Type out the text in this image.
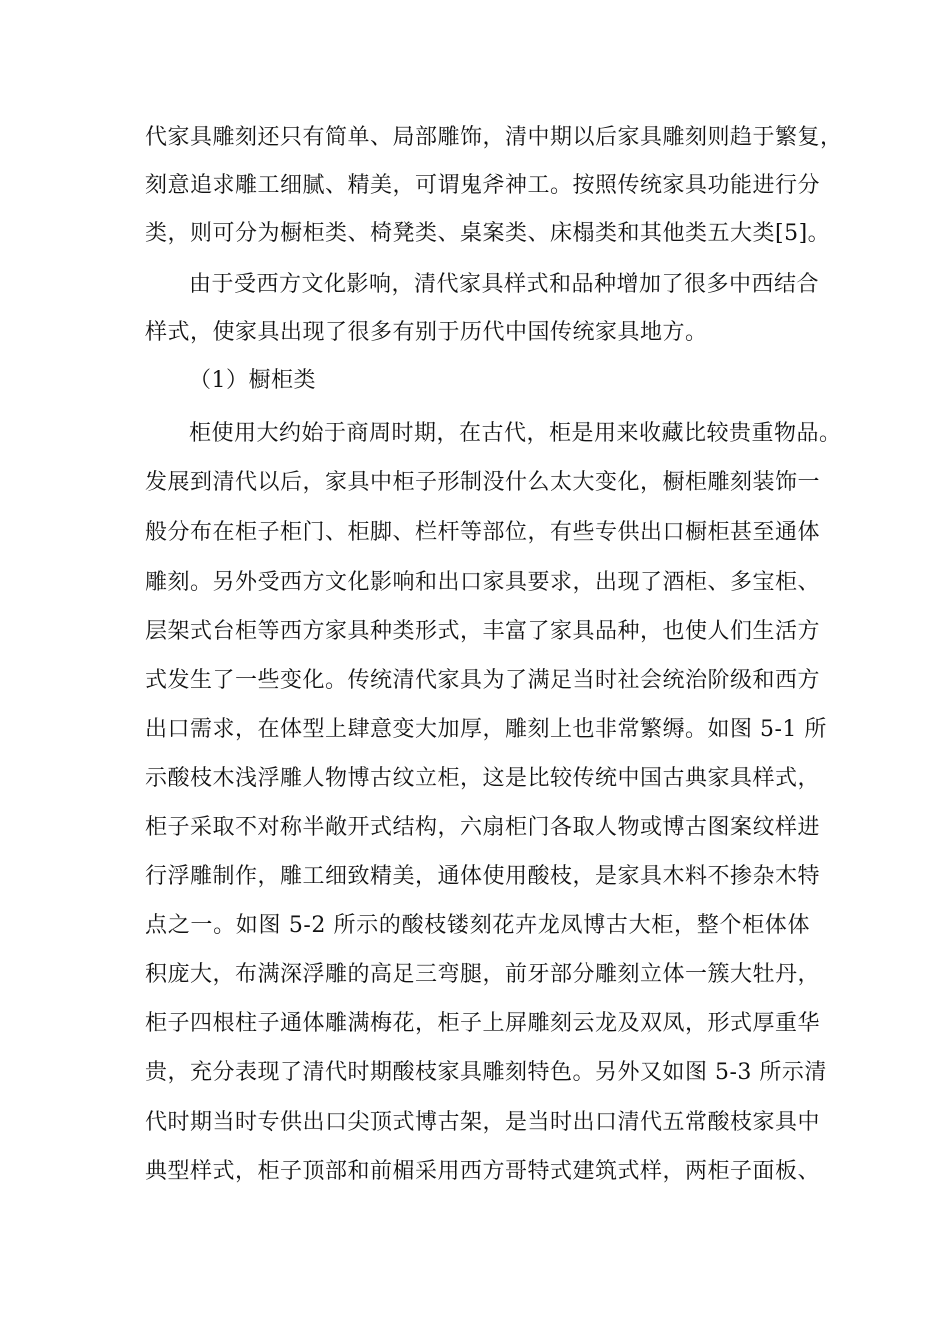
代家具雕刻还只有简单、局部雕饰，清中期以后家具雕刻则趋于繁复，
刻意追求雕工细腻、精美，可谓鬼斧神工。按照传统家具功能进行分
类，则可分为橱柜类、椅凳类、桌案类、床榻类和其他类五大类[5]。
由于受西方文化影响，清代家具样式和品种增加了很多中西结合
样式，使家具出现了很多有别于历代中国传统家具地方。
（1）橱柜类
柜使用大约始于商周时期，在古代，柜是用来收藏比较贵重物品。
发展到清代以后，家具中柜子形制没什么太大变化，橱柜雕刻装饰一
般分布在柜子柜门、柜脚、栏杆等部位，有些专供出口橱柜甚至通体
雕刻。另外受西方文化影响和出口家具要求，出现了酒柜、多宝柜、
层架式台柜等西方家具种类形式，丰富了家具品种，也使人们生活方
式发生了一些变化。传统清代家具为了满足当时社会统治阶级和西方
出口需求，在体型上肆意变大加厚，雕刻上也非常繁缛。如图 5-1 所
示酸枝木浅浮雕人物博古纹立柜，这是比较传统中国古典家具样式，
柜子采取不对称半敞开式结构，六扇柜门各取人物或博古图案纹样进
行浮雕制作，雕工细致精美，通体使用酸枝，是家具木料不掺杂木特
点之一。如图 5-2 所示的酸枝镂刻花卉龙凤博古大柜，整个柜体体
积庞大，布满深浮雕的高足三弯腿，前牙部分雕刻立体一簇大牡丹，
柜子四根柱子通体雕满梅花，柜子上屏雕刻云龙及双凤，形式厚重华
贵，充分表现了清代时期酸枝家具雕刻特色。另外又如图 5-3 所示清
代时期当时专供出口尖顶式博古架，是当时出口清代五常酸枝家具中
典型样式，柜子顶部和前楣采用西方哥特式建筑式样，两柜子面板、
